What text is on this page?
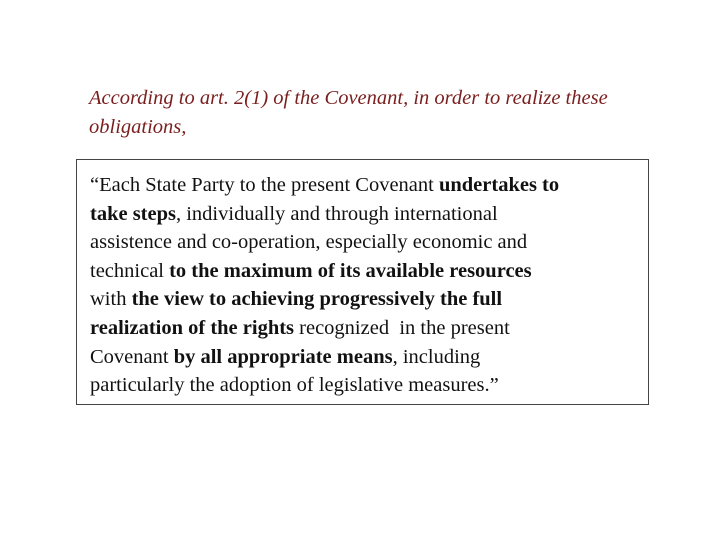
According to art. 2(1) of the Covenant, in order to realize these obligations,

“Each State Party to the present Covenant undertakes to
take steps, individually and through international
assistence and co-operation, especially economic and
technical to the maximum of its available resources
with the view to achieving progressively the full
realization of the rights recognized  in the present
Covenant by all appropriate means, including
particularly the adoption of legislative measures.”
